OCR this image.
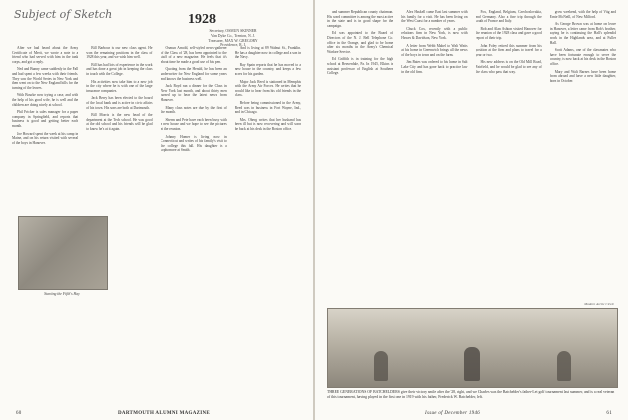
Subject of Sketch	1928
Secretary, OSMUN SKINNER
Van Dyke Co., Trenton, N. J.
Treasurer, MAX W. GREGORY
Providence, R. I.

After we had heard about the Army Certificate of Merit, we wrote a note to a friend who had served with him in the tank corps, and got a reply.

Ned and Bunny came suddenly in the Fall and had spent a few weeks with their friends. They saw the World Series in New York and then went on to the New England hills for the turning of the leaves.

With Bourke now trying a case, and with the help of his good wife, he is well and the children are doing nicely at school.

Phil Fricker is sales manager for a paper company in Springfield, and reports that business is good and getting better each month.

Joe Howard spent the week at his camp in Maine, and on his return visited with several of the boys in Hanover.

Bill Barbour is our new class agent. He won the remaining positions in the class of 1928 this year, and we wish him well.

Bill has had lots of experience in the work and has done a great job in keeping the class in touch with the College.

His activities now take him to a new job in the city where he is with one of the large insurance companies.

Jack Berry has been elected to the board of the local bank and is active in civic affairs of his town. His sons are both at Dartmouth.

Bill Morris is the new head of the department at the Tech school. He was good at the old school and his friends will be glad to know he's at it again.

Osmun Arnold, self-styled news-gatherer of the Class of '28, has been appointed to the staff of a new magazine. He feels that it's about time he made a good use of his pen.

Quoting from the Herald, he has been an underwriter for New England for some years and knows the business well.

Jack Boyd ran a dinner for the Class in New York last month, and about thirty men turned up to hear the latest news from Hanover.

Many class notes are due by the first of the month.

Sherm and Pete have each been busy with a new house and we hope to see the pictures at the reunion.

Johnny Homer is living now in Connecticut and writes of his family's visit to the college this fall. His daughter is a sophomore at Smith.

And is living at 89 Walnut St., Franklin. He has a daughter now in college and a son in the Navy.

Ray Spain reports that he has moved to a new house in the country, and keeps a few acres for his garden.

Major Jack Reed is stationed in Memphis with the Army Air Forces. He writes that he would like to hear from his old friends in the class.

Before being commissioned in the Army, Reed was in business in Fort Wayne, Ind., and in Chicago.

Mrs. Oberg writes that her husband has been ill but is now recovering and will soon be back at his desk in the Boston office.

Starting the Fifth's Hay
60	DARTMOUTH ALUMNI MAGAZINE

and summer Republican county chairman. His ward committee is among the most active in the state and is in good shape for the campaign.

Ed was appointed to the Board of Directors of the N. J. Bell Telephone Co. office in the Orange, and glad to be home after six months in the Army's Chemical Warfare Service.

Ed Griffith is in training for the high school at Beaverdale, Pa. In 1945, Elkins is assistant professor of English at Southern College.

Alex Haskell came East last summer with his family for a visit. He has been living on the West Coast for a number of years.

Chuck Cox, recently with a public relations firm in New York, is now with Hawes & Davidson, New York.

A letter from Webb Mabel to Walt Watts at his home in Greenwich brings all the news of the boys in town and on the farm.

Jim Bates was ordered to his home in Salt Lake City and has gone back to practice law in the old firm.

Fox, England, Belgium, Czechoslovakia, and Germany. Also a fine trip through the south of France and Italy.

Bob and Alan Ashton visited Hanover for the reunion of the 1928 class and gave a good report of their trip.

John Foley retired this summer from his position at the firm and plans to travel for a year or two.

His new address is on the Old Mill Road, Fairfield, and he would be glad to see any of the class who pass that way.

grow weekend, with the help of Vitg and Ernie McNeill, of New Milford.

As George Brown was at home on leave in Hanover, a letter came from Bob's brother, saying he is continuing the Hall's splendid work in the Highlands area, and at Fuller Hall.

Scott Adams, one of the classmates who have been fortunate enough to serve the country, is now back at his desk in the Boston office.

Mary and Walt Barnes have been home from abroad and have a new little daughter, born in October.

Modern Arctic Circle
THREE GENERATIONS OF BATCHELDERS give their victory smile after the '28, right, and we Charles was the Batchelder's father-Let golf tournament last summer, and is a real veteran of this tournament, having played in the first one in 1919 with his father, Frederick W. Batchelder, left.
Issue of December 1946	61
